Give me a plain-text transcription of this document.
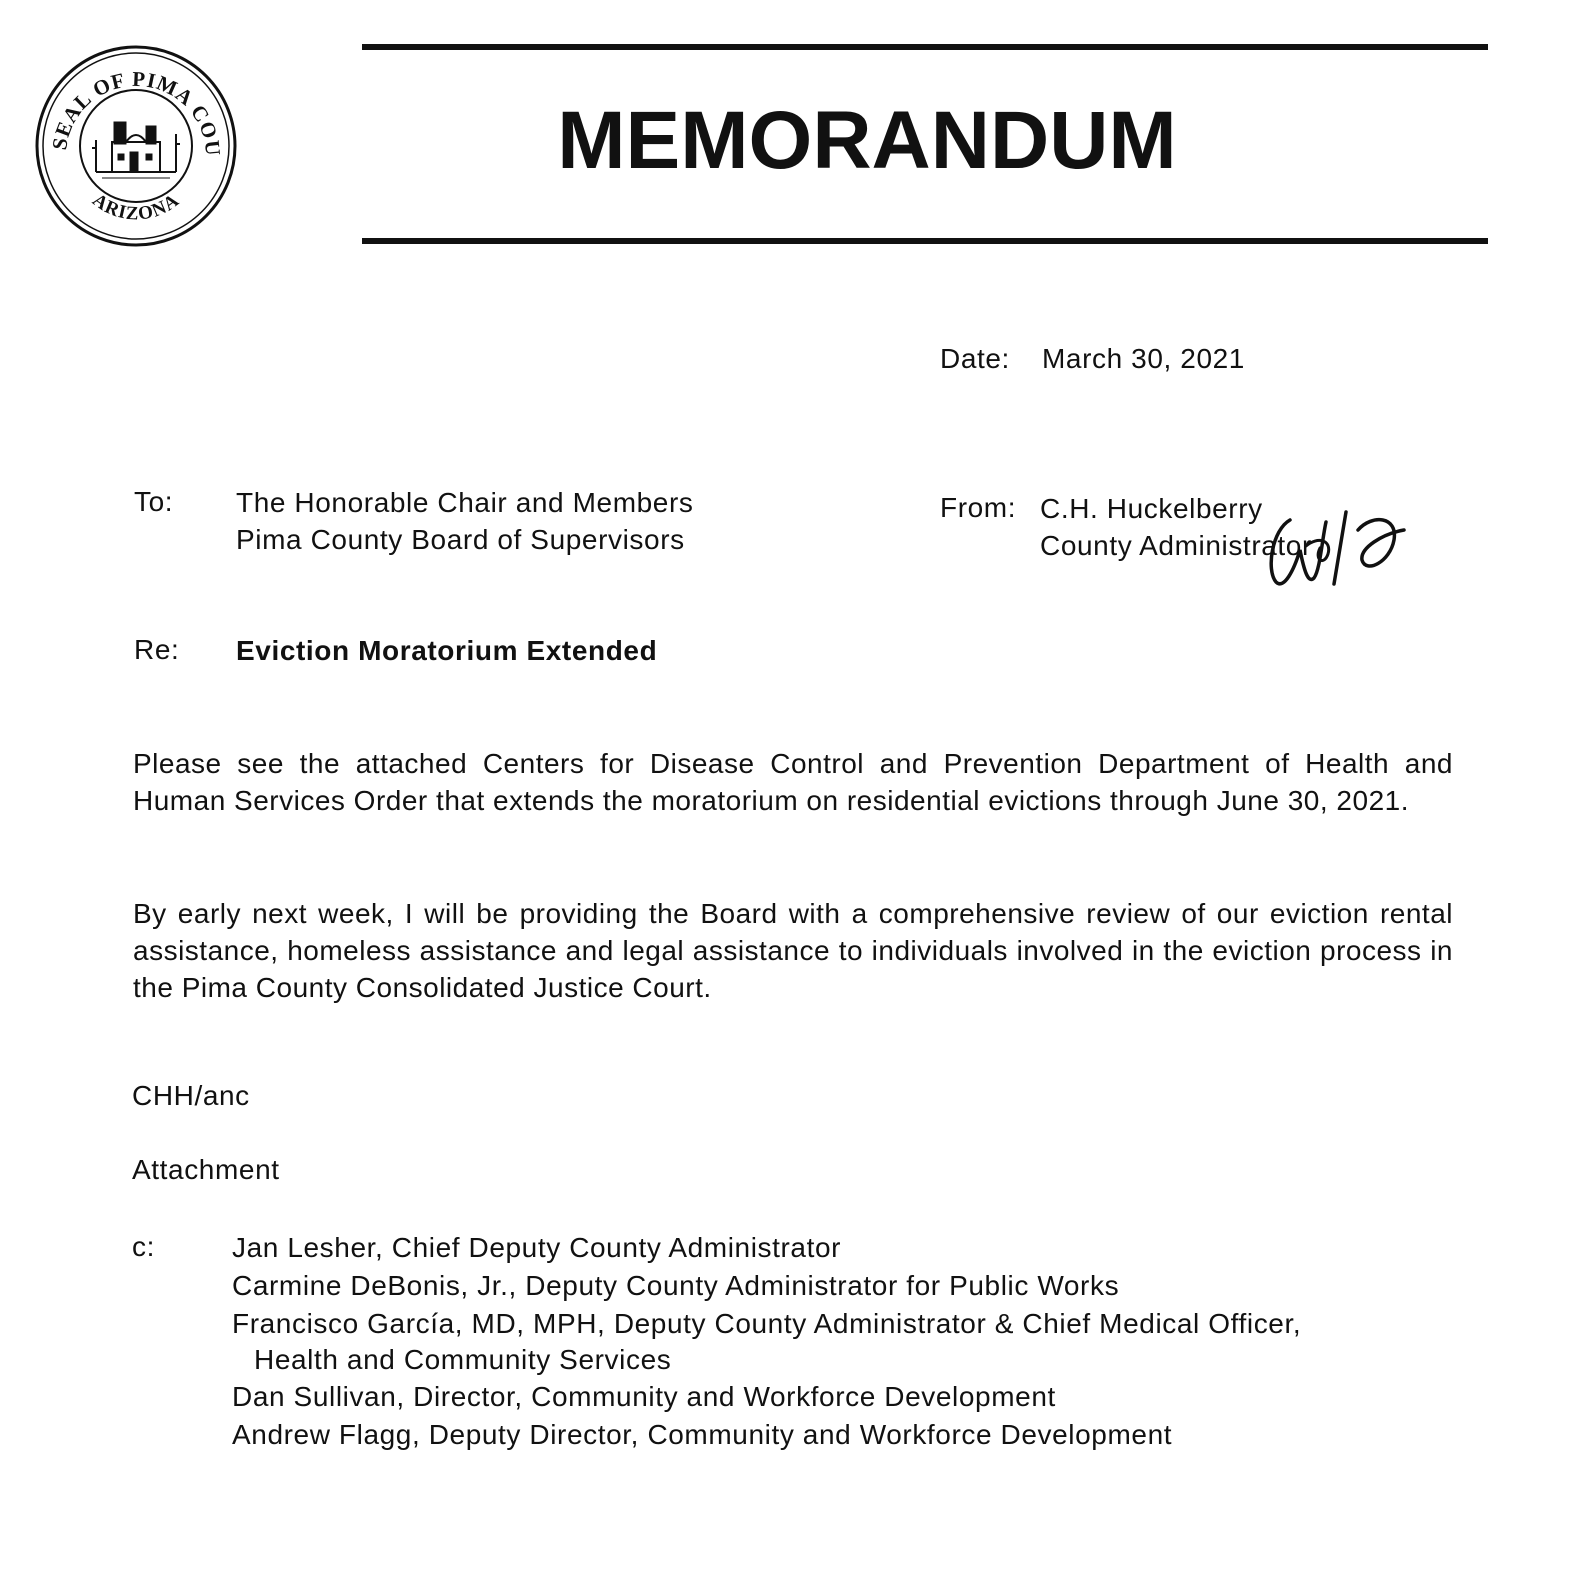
SEAL OF PIMA COU
ARIZONA
MEMORANDUM
Date: March 30, 2021
To: The Honorable Chair and Members
Pima County Board of Supervisors
From: C.H. Huckelberry
County Administrator
Re: Eviction Moratorium Extended
Please see the attached Centers for Disease Control and Prevention Department of Health and Human Services Order that extends the moratorium on residential evictions through June 30, 2021.
By early next week, I will be providing the Board with a comprehensive review of our eviction rental assistance, homeless assistance and legal assistance to individuals involved in the eviction process in the Pima County Consolidated Justice Court.
CHH/anc
Attachment
c:	Jan Lesher, Chief Deputy County Administrator
Carmine DeBonis, Jr., Deputy County Administrator for Public Works
Francisco García, MD, MPH, Deputy County Administrator & Chief Medical Officer,
Health and Community Services
Dan Sullivan, Director, Community and Workforce Development
Andrew Flagg, Deputy Director, Community and Workforce Development
